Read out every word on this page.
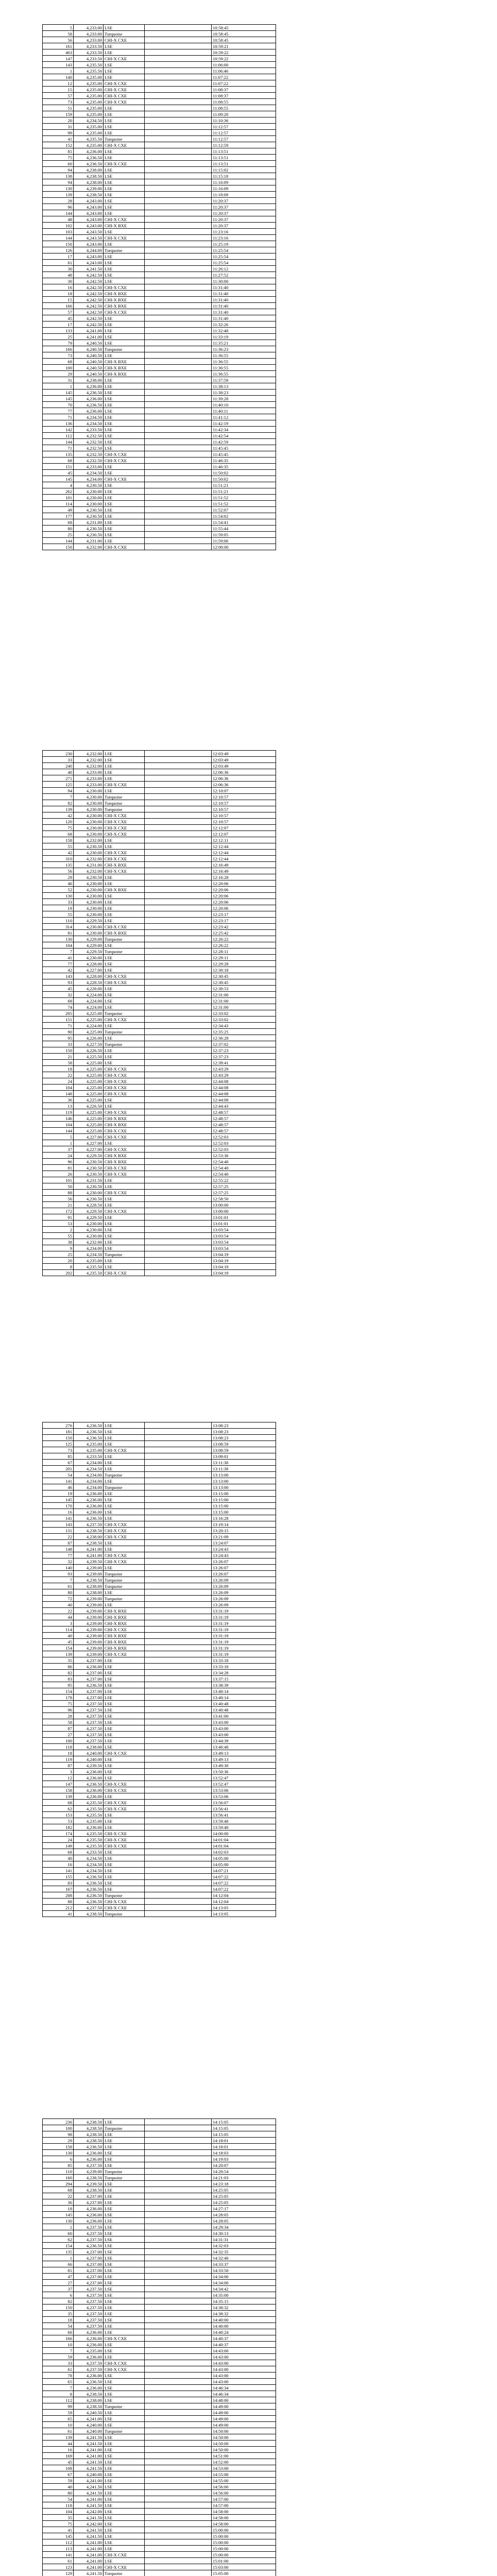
5	4,233.00	LSE		10:58:45
58	4,233.00	Turquoise		10:58:45
56	4,233.00	CHI-X CXE		10:58:45
161	4,233.50	LSE		10:59:21
463	4,233.50	LSE		10:59:22
147	4,233.50	CHI-X CXE		10:59:22
143	4,235.50	LSE		11:06:00
1	4,235.50	LSE		11:06:46
140	4,235.00	LSE		11:07:22
12	4,235.00	CHI-X CXE		11:07:22
15	4,235.00	CHI-X CXE		11:08:37
57	4,235.00	CHI-X CXE		11:08:37
73	4,235.00	CHI-X CXE		11:08:55
51	4,235.00	LSE		11:08:55
159	4,235.00	LSE		11:09:20
20	4,234.50	LSE		11:10:36
31	4,235.00	LSE		11:12:57
99	4,235.00	LSE		11:12:57
41	4,235.50	Turquoise		11:12:57
152	4,235.00	CHI-X CXE		11:12:59
81	4,236.00	LSE		11:13:51
75	4,236.50	LSE		11:13:51
60	4,236.50	CHI-X CXE		11:13:51
94	4,238.00	LSE		11:15:02
138	4,238.50	LSE		11:15:18
94	4,238.00	LSE		11:16:09
130	4,239.00	LSE		11:16:09
139	4,238.50	LSE		11:18:09
28	4,243.00	LSE		11:20:37
96	4,243.00	LSE		11:20:37
144	4,243.00	LSE		11:20:37
48	4,243.00	CHI-X CXE		11:20:37
102	4,243.00	CHI-X BXE		11:20:37
103	4,243.50	LSE		11:23:16
144	4,243.50	CHI-X CXE		11:23:16
150	4,243.00	LSE		11:25:19
126	4,244.00	Turquoise		11:25:54
17	4,243.00	LSE		11:25:54
61	4,243.00	LSE		11:25:54
30	4,241.50	LSE		11:26:12
48	4,242.50	LSE		11:27:52
30	4,242.50	LSE		11:30:00
16	4,242.50	CHI-X CXE		11:31:40
18	4,242.50	CHI-X BXE		11:31:40
15	4,242.50	CHI-X BXE		11:31:40
166	4,242.50	CHI-X BXE		11:31:40
57	4,242.50	CHI-X CXE		11:31:40
45	4,242.50	LSE		11:31:40
17	4,242.50	LSE		11:32:26
133	4,241.00	LSE		11:32:48
25	4,241.00	LSE		11:33:19
79	4,240.50	LSE		11:35:21
166	4,240.50	Turquoise		11:36:23
73	4,240.50	LSE		11:36:55
68	4,240.50	CHI-X BXE		11:36:55
100	4,240.50	CHI-X BXE		11:36:55
29	4,240.50	CHI-X BXE		11:36:55
31	4,238.00	LSE		11:37:59
1	4,236.00	LSE		11:38:13
145	4,236.50	LSE		11:38:23
145	4,236.00	LSE		11:39:28
70	4,236.50	LSE		11:40:10
77	4,236.00	LSE		11:40:11
71	4,234.50	LSE		11:41:12
136	4,234.50	LSE		11:42:19
142	4,233.50	LSE		11:42:34
112	4,232.50	LSE		11:42:54
144	4,232.50	LSE		11:42:59
71	4,232.50	LSE		11:45:45
135	4,232.50	CHI-X CXE		11:45:45
68	4,232.50	CHI-X CXE		11:46:35
151	4,233.00	LSE		11:46:35
45	4,234.50	LSE		11:50:02
145	4,234.00	CHI-X CXE		11:50:02
4	4,230.50	LSE		11:51:21
262	4,230.00	LSE		11:51:21
101	4,230.00	LSE		11:51:52
114	4,230.00	LSE		11:51:52
49	4,230.50	LSE		11:52:07
177	4,230.50	LSE		11:54:02
68	4,231.00	LSE		11:54:41
80	4,230.50	LSE		11:55:44
25	4,230.50	LSE		11:59:05
144	4,231.00	LSE		11:59:06
150	4,232.00	CHI-X CXE		12:00:00
230	4,232.00	LSE		12:03:49
33	4,232.00	LSE		12:03:49
240	4,232.00	LSE		12:03:49
40	4,233.00	LSE		12:06:36
271	4,233.00	LSE		12:06:36
125	4,233.00	CHI-X CXE		12:06:36
94	4,230.00	LSE		12:10:07
7	4,230.00	Turquoise		12:10:57
82	4,230.00	Turquoise		12:10:57
139	4,230.00	Turquoise		12:10:57
42	4,230.00	CHI-X CXE		12:10:57
120	4,230.00	CHI-X CXE		12:10:57
75	4,230.00	CHI-X CXE		12:12:07
68	4,230.00	CHI-X CXE		12:12:07
158	4,232.00	LSE		12:12:11
55	4,230.50	LSE		12:12:44
42	4,230.00	CHI-X CXE		12:12:44
310	4,232.00	CHI-X CXE		12:12:44
135	4,231.00	CHI-X BXE		12:16:49
56	4,232.00	CHI-X CXE		12:16:49
29	4,230.50	LSE		12:16:28
46	4,230.00	LSE		12:20:06
52	4,230.00	CHI-X BXE		12:20:06
130	4,230.00	LSE		12:20:06
33	4,230.00	LSE		12:20:06
19	4,230.00	LSE		12:20:06
55	4,230.00	LSE		12:23:17
110	4,229.50	LSE		12:23:17
314	4,230.00	CHI-X CXE		12:23:42
81	4,230.00	CHI-X BXE		12:25:42
130	4,229.00	Turquoise		12:26:22
104	4,229.00	LSE		12:26:22
7	4,229.50	Turquoise		12:28:11
41	4,230.00	LSE		12:29:11
77	4,228.00	LSE		12:29:28
42	4,227.00	LSE		12:30:18
143	4,228.00	CHI-X CXE		12:30:45
93	4,228.50	CHI-X CXE		12:30:45
45	4,228.00	LSE		12:30:53
32	4,224.00	LSE		12:31:00
68	4,224.00	LSE		12:31:00
74	4,224.00	LSE		12:31:00
205	4,225.00	Turquoise		12:33:02
151	4,225.00	CHI-X CXE		12:33:02
71	4,224.00	LSE		12:34:43
90	4,225.00	Turquoise		12:35:25
95	4,226.00	LSE		12:36:28
33	4,227.50	Turquoise		12:37:02
150	4,226.50	LSE		12:37:23
21	4,225.50	LSE		12:37:23
58	4,225.00	LSE		12:39:41
18	4,225.00	CHI-X CXE		12:43:29
22	4,225.00	CHI-X CXE		12:43:29
24	4,225.00	CHI-X CXE		12:44:08
104	4,225.00	CHI-X CXE		12:44:08
148	4,225.00	CHI-X CXE		12:44:08
36	4,225.00	LSE		12:44:09
13	4,226.50	LSE		12:44:43
119	4,225.00	CHI-X CXE		12:48:57
146	4,225.00	CHI-X BXE		12:48:57
104	4,225.00	CHI-X BXE		12:48:57
144	4,225.00	CHI-X CXE		12:48:57
5	4,227.00	CHI-X CXE		12:52:03
1	4,227.00	LSE		12:52:03
37	4,227.00	CHI-X CXE		12:52:03
24	4,229.50	CHI-X BXE		12:53:36
96	4,230.50	CHI-X BXE		12:54:40
81	4,230.50	CHI-X CXE		12:54:40
26	4,230.50	CHI-X CXE		12:54:40
101	4,231.50	LSE		12:55:22
50	4,230.50	LSE		12:57:25
88	4,230.00	CHI-X CXE		12:57:25
56	4,230.50	LSE		12:58:50
21	4,228.50	LSE		13:00:00
172	4,229.50	CHI-X CXE		13:00:00
91	4,229.50	LSE		13:01:01
53	4,230.00	LSE		13:01:01
2	4,230.00	LSE		13:03:54
55	4,230.00	LSE		13:03:54
38	4,232.00	LSE		13:03:54
9	4,234.00	LSE		13:03:54
25	4,234.50	Turquoise		13:04:19
20	4,235.00	LSE		13:04:19
8	4,235.50	LSE		13:04:19
202	4,235.50	CHI-X CXE		13:04:19
276	4,236.50	LSE		13:08:23
181	4,236.50	LSE		13:08:23
150	4,236.50	LSE		13:08:23
125	4,235.00	LSE		13:08:59
73	4,235.00	CHI-X CXE		13:08:59
85	4,233.50	LSE		13:09:01
67	4,234.00	LSE		13:11:38
201	4,234.50	LSE		13:11:38
54	4,234.00	Turquoise		13:13:00
141	4,234.00	LSE		13:13:00
46	4,234.00	Turquoise		13:13:00
19	4,236.00	LSE		13:15:00
145	4,236.00	LSE		13:15:00
170	4,236.00	LSE		13:15:00
16	4,236.00	LSE		13:15:00
141	4,236.50	LSE		13:16:28
143	4,237.50	CHI-X CXE		13:19:14
131	4,238.50	CHI-X CXE		13:20:15
22	4,238.00	CHI-X CXE		13:21:09
87	4,238.50	LSE		13:24:07
148	4,241.00	LSE		13:24:43
77	4,241.00	CHI-X CXE		13:24:43
32	4,239.50	CHI-X CXE		13:26:07
140	4,239.00	LSE		13:26:07
93	4,239.00	Turquoise		13:26:07
7	4,238.50	Turquoise		13:26:09
61	4,238.00	Turquoise		13:26:09
80	4,238.00	LSE		13:26:09
72	4,239.00	Turquoise		13:26:09
40	4,239.00	LSE		13:26:09
22	4,239.00	CHI-X BXE		13:31:19
44	4,239.00	CHI-X BXE		13:31:19
3	4,239.00	CHI-X BXE		13:31:19
114	4,239.00	CHI-X CXE		13:31:19
40	4,239.00	CHI-X BXE		13:31:19
45	4,239.00	CHI-X BXE		13:31:19
154	4,239.00	CHI-X BXE		13:31:19
139	4,239.00	CHI-X CXE		13:31:19
35	4,237.00	LSE		13:33:18
86	4,236.00	LSE		13:33:18
82	4,237.00	LSE		13:34:28
83	4,237.00	LSE		13:37:15
95	4,236.50	LSE		13:38:39
154	4,237.00	LSE		13:40:14
178	4,237.00	LSE		13:40:14
75	4,237.50	LSE		13:40:48
96	4,237.50	LSE		13:40:48
28	4,237.50	LSE		13:41:00
58	4,237.50	LSE		13:43:00
87	4,237.50	LSE		13:43:00
27	4,237.50	LSE		13:43:00
100	4,237.50	LSE		13:44:39
118	4,238.00	LSE		13:46:40
18	4,240.00	CHI-X CXE		13:49:13
119	4,240.00	LSE		13:49:13
87	4,239.50	LSE		13:49:30
3	4,236.00	LSE		13:50:36
12	4,236.00	LSE		13:52:47
147	4,236.50	CHI-X CXE		13:52:47
158	4,236.00	CHI-X CXE		13:53:06
139	4,236.00	LSE		13:53:06
68	4,235.50	CHI-X CXE		13:56:07
62	4,235.50	CHI-X CXE		13:56:41
153	4,235.50	LSE		13:56:41
53	4,235.00	LSE		13:59:40
182	4,236.00	LSE		13:59:40
174	4,235.50	CHI-X CXE		14:00:00
24	4,235.50	CHI-X CXE		14:01:04
149	4,235.50	CHI-X CXE		14:01:04
68	4,233.50	LSE		14:02:03
40	4,234.50	LSE		14:05:00
16	4,234.50	LSE		14:05:00
141	4,234.50	LSE		14:07:21
155	4,236.50	LSE		14:07:22
83	4,236.50	LSE		14:07:22
167	4,236.50	LSE		14:07:22
208	4,236.50	Turquoise		14:12:04
88	4,236.50	CHI-X CXE		14:12:04
212	4,237.50	CHI-X CXE		14:13:05
41	4,238.50	Turquoise		14:13:05
236	4,238.50	LSE		14:15:05
100	4,238.50	Turquoise		14:15:05
98	4,238.50	LSE		14:15:05
29	4,238.50	LSE		14:18:01
158	4,236.50	LSE		14:18:01
130	4,236.00	LSE		14:18:03
6	4,236.00	LSE		14:19:03
85	4,237.50	LSE		14:20:07
110	4,239.00	Turquoise		14:20:54
160	4,238.50	Turquoise		14:21:03
294	4,239.50	LSE		14:23:18
68	4,238.50	LSE		14:25:05
22	4,237.00	LSE		14:25:05
36	4,237.00	LSE		14:25:05
18	4,236.00	LSE		14:27:17
145	4,236.00	LSE		14:28:05
130	4,236.00	LSE		14:28:05
1	4,237.50	LSE		14:29:34
60	4,237.50	LSE		14:30:13
62	4,237.50	LSE		14:31:31
154	4,236.50	LSE		14:32:03
135	4,237.00	LSE		14:32:35
1	4,237.00	LSE		14:32:40
66	4,237.00	LSE		14:33:37
81	4,237.00	LSE		14:33:50
47	4,237.00	LSE		14:34:00
27	4,237.00	LSE		14:34:00
37	4,237.50	LSE		14:34:42
6	4,237.50	LSE		14:35:00
82	4,237.50	LSE		14:35:15
150	4,237.50	LSE		14:38:32
35	4,237.50	LSE		14:38:32
18	4,237.50	LSE		14:40:00
54	4,237.50	LSE		14:40:00
60	4,236.00	LSE		14:40:24
166	4,236.00	CHI-X CXE		14:40:37
10	4,236.00	LSE		14:40:37
7	4,235.00	LSE		14:43:00
59	4,236.00	LSE		14:43:00
33	4,237.50	CHI-X CXE		14:43:00
61	4,237.50	CHI-X CXE		14:43:00
78	4,236.00	LSE		14:43:00
65	4,236.50	LSE		14:43:00
7	4,236.00	LSE		14:46:34
8	4,238.50	LSE		14:46:34
112	4,238.00	LSE		14:48:00
99	4,238.50	Turquoise		14:49:00
59	4,240.50	LSE		14:49:00
65	4,241.00	LSE		14:49:00
10	4,240.00	LSE		14:49:00
61	4,240.00	Turquoise		14:50:00
139	4,241.50	LSE		14:50:00
44	4,241.50	LSE		14:50:00
16	4,241.00	LSE		14:50:00
169	4,241.00	LSE		14:51:00
45	4,241.50	LSE		14:52:00
108	4,241.50	LSE		14:53:00
67	4,240.00	LSE		14:55:00
59	4,241.00	LSE		14:55:00
40	4,241.50	LSE		14:56:00
80	4,241.50	LSE		14:56:00
54	4,241.00	LSE		14:57:00
118	4,241.50	LSE		14:57:00
104	4,242.00	LSE		14:58:00
35	4,241.50	LSE		14:58:00
75	4,242.00	LSE		14:58:00
41	4,241.50	LSE		15:00:00
145	4,241.50	LSE		15:00:00
112	4,241.00	LSE		15:00:00
113	4,241.00	LSE		15:00:00
141	4,241.00	CHI-X CXE		15:00:00
61	4,241.00	LSE		15:01:00
123	4,241.00	CHI-X CXE		15:03:00
129	4,241.50	Turquoise		15:05:00
